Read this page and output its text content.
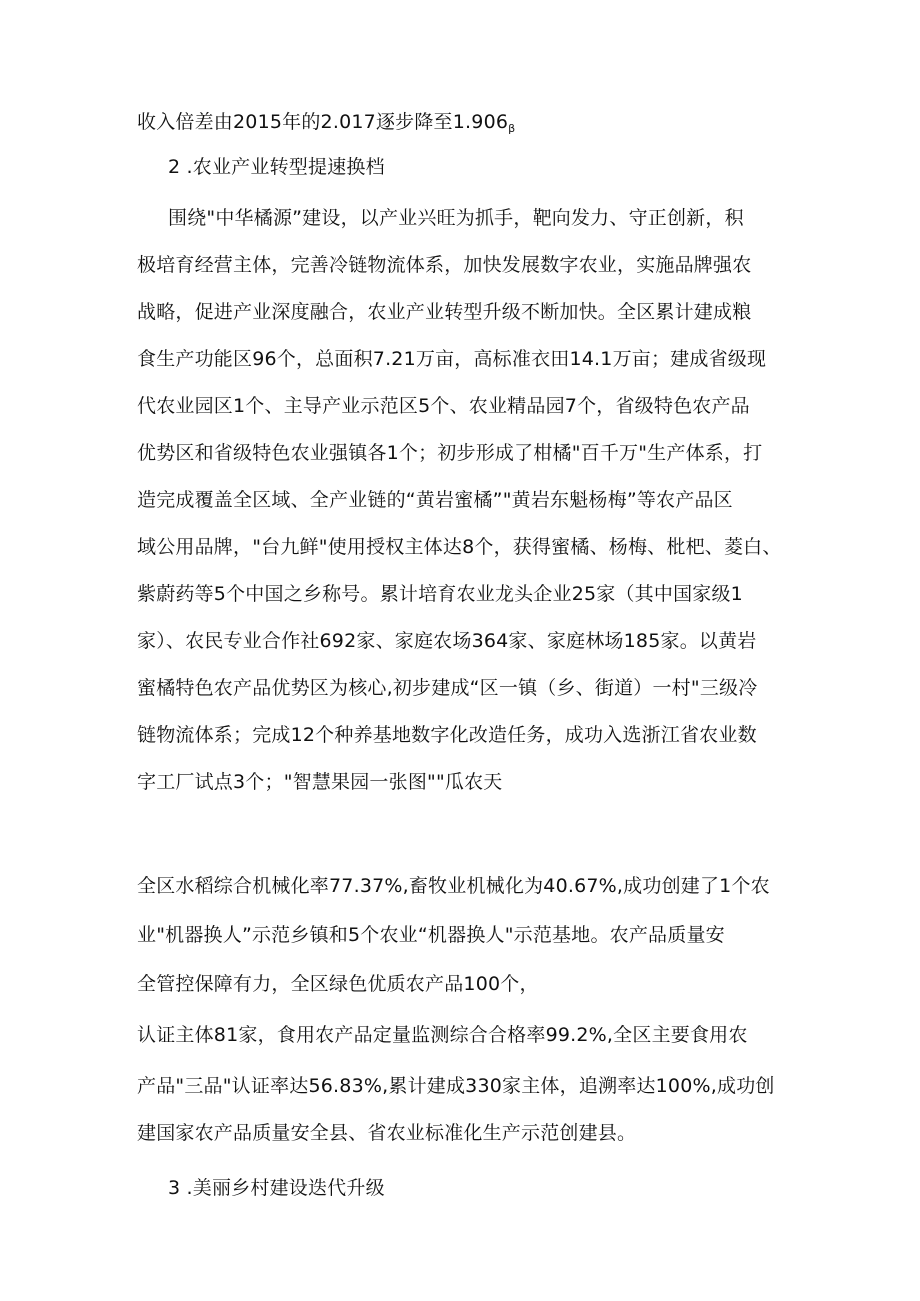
收入倍差由2015年的2.017逐步降至$1.906_\beta$
2 .农业产业转型提速换档
围绕"中华橘源”建设，以产业兴旺为抓手，靶向发力、守正创新，积
极培育经营主体，完善冷链物流体系，加快发展数字农业，实施品牌强农
战略，促进产业深度融合，农业产业转型升级不断加快。全区累计建成粮
食生产功能区96个，总面积7.21万亩，高标准衣田14.1万亩；建成省级现
代农业园区1个、主导产业示范区5个、农业精品园7个，省级特色农产品
优势区和省级特色农业强镇各1个；初步形成了柑橘"百千万"生产体系，打
造完成覆盖全区域、全产业链的“黄岩蜜橘”"黄岩东魁杨梅”等农产品区
域公用品牌，"台九鲜"使用授权主体达8个，获得蜜橘、杨梅、枇杷、菱白、
紫蔚药等5个中国之乡称号。累计培育农业龙头企业25家（其中国家级1
家）、农民专业合作社692家、家庭农场364家、家庭林场185家。以黄岩
蜜橘特色农产品优势区为核心,初步建成“区一镇（乡、街道）一村"三级冷
链物流体系；完成12个种养基地数字化改造任务，成功入选浙江省农业数
字工厂试点3个；"智慧果园一张图""瓜农天
全区水稻综合机械化率77.37%,畜牧业机械化为40.67%,成功创建了1个农
业"机器换人”示范乡镇和5个农业“机器换人"示范基地。农产品质量安
全管控保障有力，全区绿色优质农产品100个，
认证主体81家，食用农产品定量监测综合合格率99.2%,全区主要食用农
产品"三品"认证率达56.83%,累计建成330家主体，追溯率达100%,成功创
建国家农产品质量安全县、省农业标准化生产示范创建县。
3 .美丽乡村建设迭代升级
